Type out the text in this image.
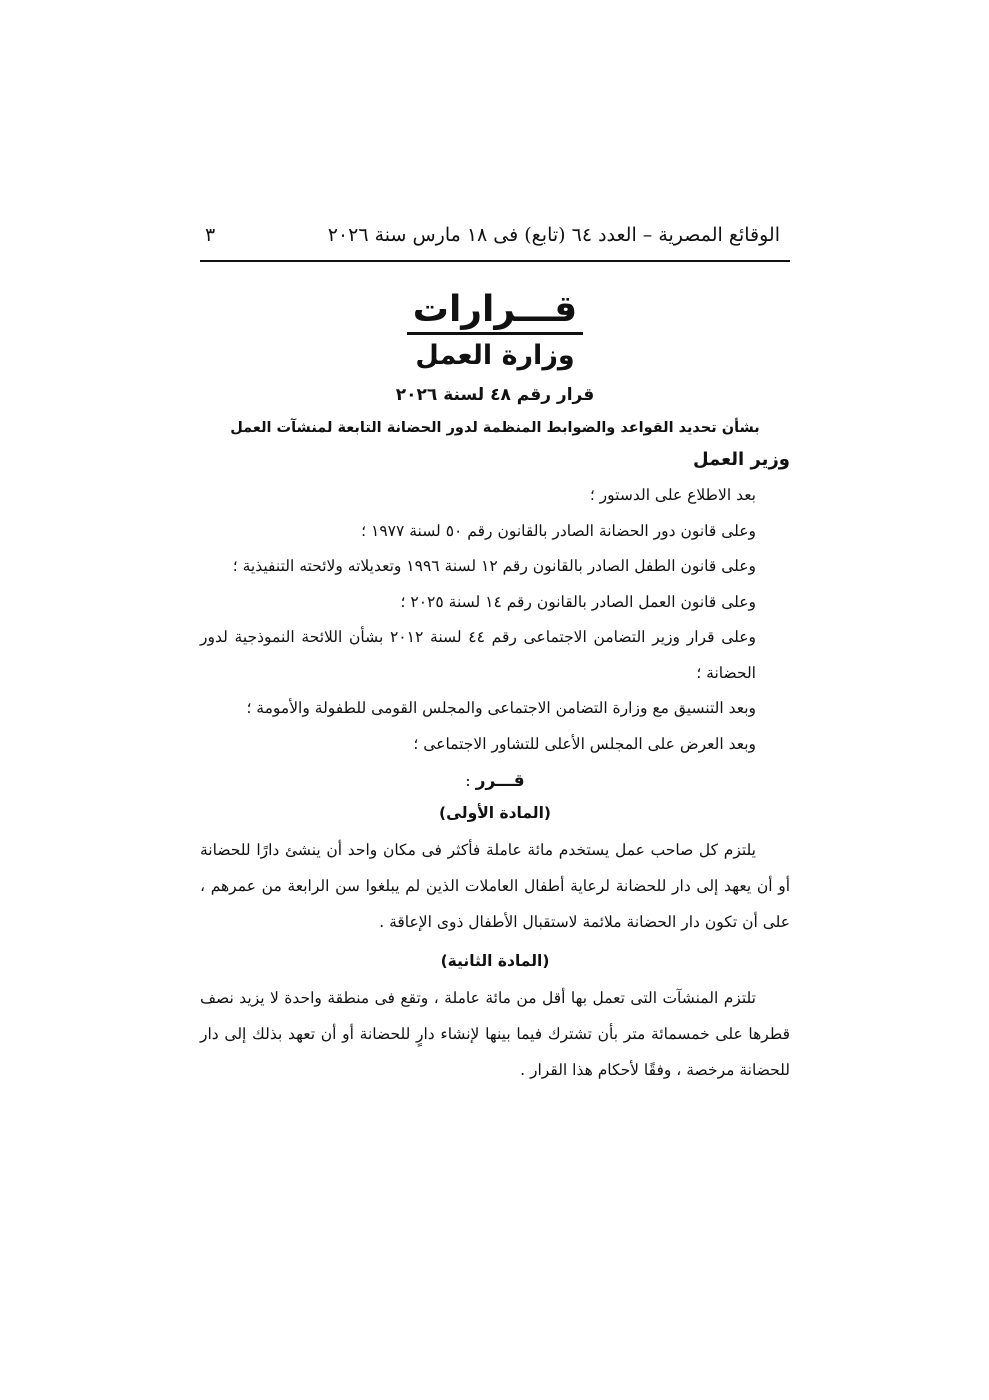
الوقائع المصرية – العدد ٦٤ (تابع) فى ١٨ مارس سنة ٢٠٢٦
٣
قـــرارات
وزارة العمل
قرار رقم ٤٨ لسنة ٢٠٢٦
بشأن تحديد القواعد والضوابط المنظمة لدور الحضانة التابعة لمنشآت العمل
وزير العمل
بعد الاطلاع على الدستور ؛
وعلى قانون دور الحضانة الصادر بالقانون رقم ٥٠ لسنة ١٩٧٧ ؛
وعلى قانون الطفل الصادر بالقانون رقم ١٢ لسنة ١٩٩٦ وتعديلاته ولائحته التنفيذية ؛
وعلى قانون العمل الصادر بالقانون رقم ١٤ لسنة ٢٠٢٥ ؛
وعلى قرار وزير التضامن الاجتماعى رقم ٤٤ لسنة ٢٠١٢ بشأن اللائحة النموذجية لدور الحضانة ؛
وبعد التنسيق مع وزارة التضامن الاجتماعى والمجلس القومى للطفولة والأمومة ؛
وبعد العرض على المجلس الأعلى للتشاور الاجتماعى ؛
قـــرر :
(المادة الأولى)
يلتزم كل صاحب عمل يستخدم مائة عاملة فأكثر فى مكان واحد أن ينشئ دارًا للحضانة أو أن يعهد إلى دار للحضانة لرعاية أطفال العاملات الذين لم يبلغوا سن الرابعة من عمرهم ، على أن تكون دار الحضانة ملائمة لاستقبال الأطفال ذوى الإعاقة .
(المادة الثانية)
تلتزم المنشآت التى تعمل بها أقل من مائة عاملة ، وتقع فى منطقة واحدة لا يزيد نصف قطرها على خمسمائة متر بأن تشترك فيما بينها لإنشاء دارٍ للحضانة أو أن تعهد بذلك إلى دار للحضانة مرخصة ، وفقًا لأحكام هذا القرار .
